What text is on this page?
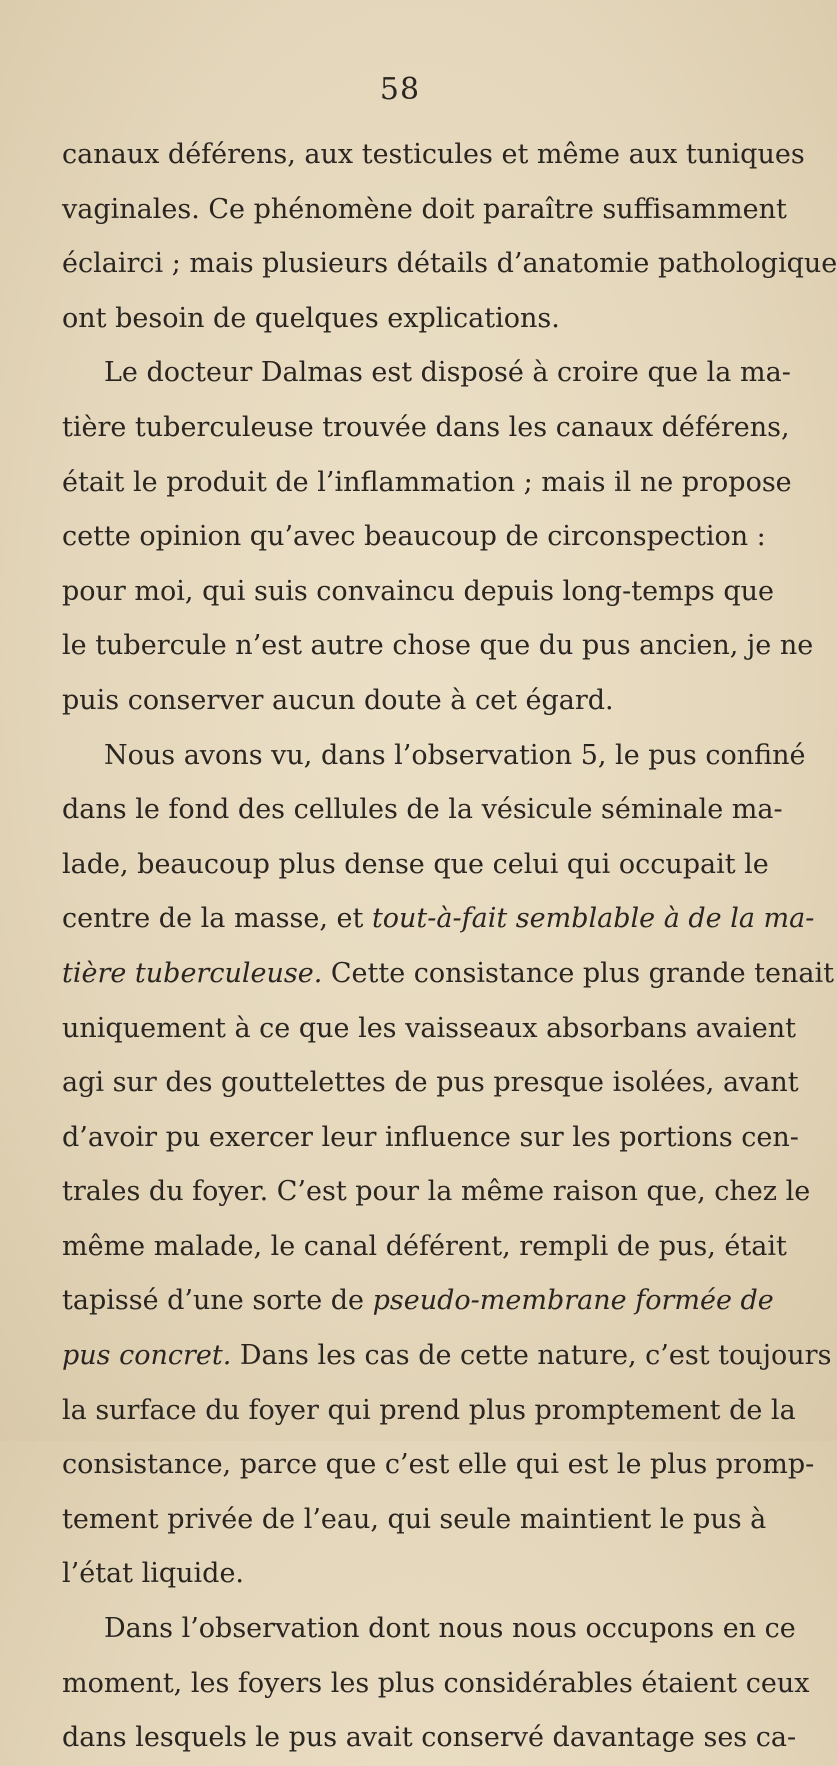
58
canaux déférens, aux testicules et même aux tuniques
vaginales. Ce phénomène doit paraître suffisamment
éclairci ; mais plusieurs détails d’anatomie pathologique
ont besoin de quelques explications.
Le docteur Dalmas est disposé à croire que la ma-
tière tuberculeuse trouvée dans les canaux déférens,
était le produit de l’inflammation ; mais il ne propose
cette opinion qu’avec beaucoup de circonspection :
pour moi, qui suis convaincu depuis long-temps que
le tubercule n’est autre chose que du pus ancien, je ne
puis conserver aucun doute à cet égard.
Nous avons vu, dans l’observation 5, le pus confiné
dans le fond des cellules de la vésicule séminale ma-
lade, beaucoup plus dense que celui qui occupait le
centre de la masse, et tout-à-fait semblable à de la ma-
tière tuberculeuse. Cette consistance plus grande tenait
uniquement à ce que les vaisseaux absorbans avaient
agi sur des gouttelettes de pus presque isolées, avant
d’avoir pu exercer leur influence sur les portions cen-
trales du foyer. C’est pour la même raison que, chez le
même malade, le canal déférent, rempli de pus, était
tapissé d’une sorte de pseudo-membrane formée de
pus concret. Dans les cas de cette nature, c’est toujours
la surface du foyer qui prend plus promptement de la
consistance, parce que c’est elle qui est le plus promp-
tement privée de l’eau, qui seule maintient le pus à
l’état liquide.
Dans l’observation dont nous nous occupons en ce
moment, les foyers les plus considérables étaient ceux
dans lesquels le pus avait conservé davantage ses ca-
